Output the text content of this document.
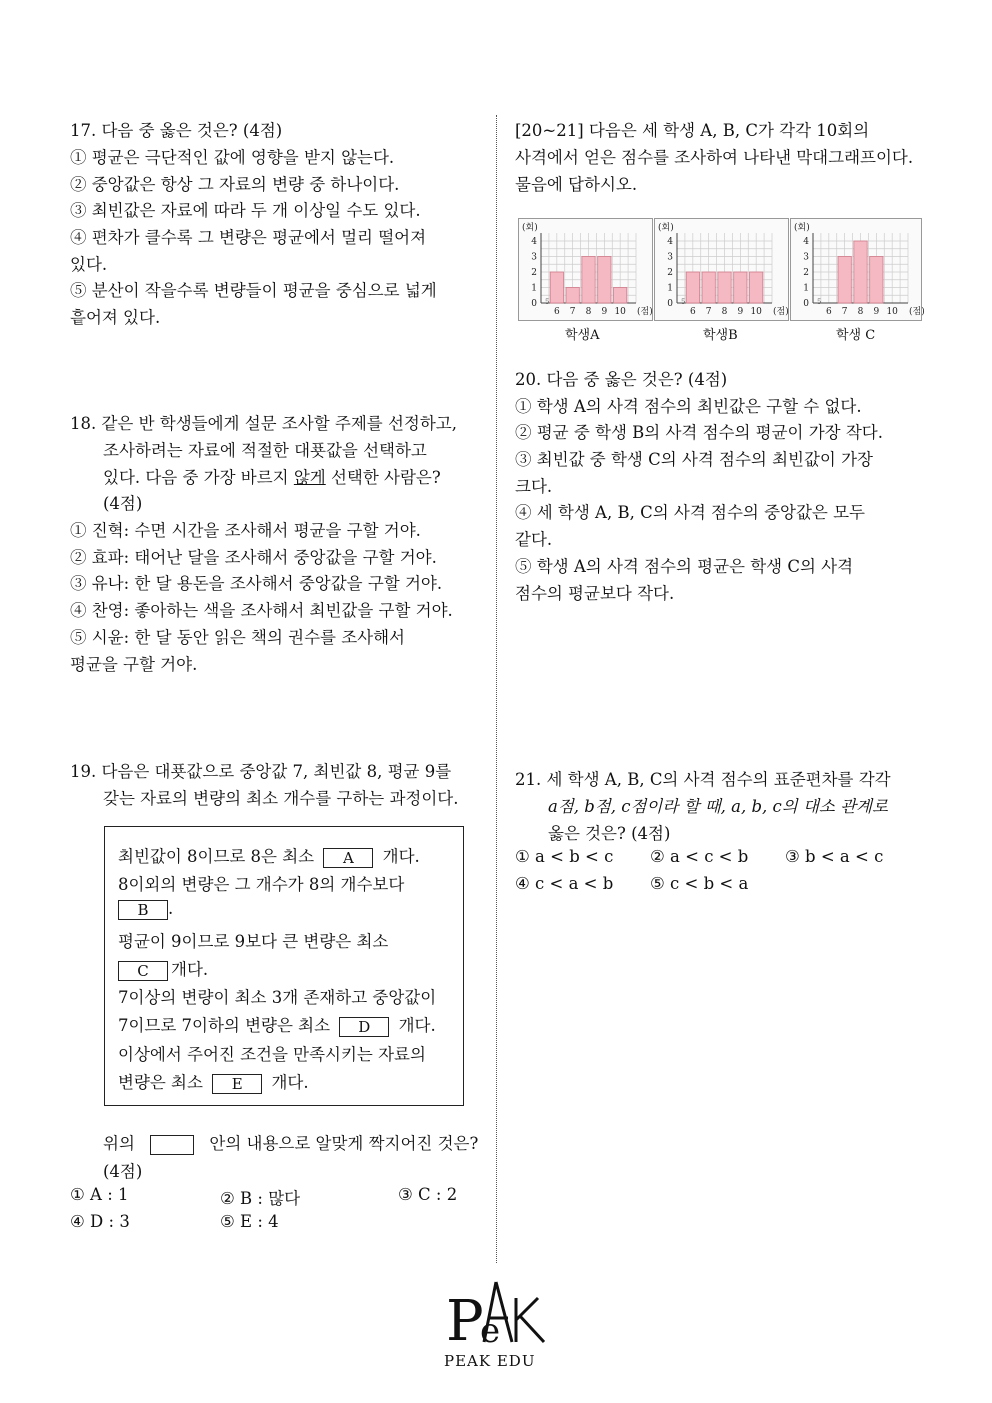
17. 다음 중 옳은 것은? (4점)
① 평균은 극단적인 값에 영향을 받지 않는다.
② 중앙값은 항상 그 자료의 변량 중 하나이다.
③ 최빈값은 자료에 따라 두 개 이상일 수도 있다.
④ 편차가 클수록 그 변량은 평균에서 멀리 떨어져
있다.
⑤ 분산이 작을수록 변량들이 평균을 중심으로 넓게
흩어져 있다.
18. 같은 반 학생들에게 설문 조사할 주제를 선정하고,
조사하려는 자료에 적절한 대푯값을 선택하고
있다. 다음 중 가장 바르지 않게 선택한 사람은?
(4점)
① 진혁: 수면 시간을 조사해서 평균을 구할 거야.
② 효파: 태어난 달을 조사해서 중앙값을 구할 거야.
③ 유나: 한 달 용돈을 조사해서 중앙값을 구할 거야.
④ 찬영: 좋아하는 색을 조사해서 최빈값을 구할 거야.
⑤ 시윤: 한 달 동안 읽은 책의 권수를 조사해서
평균을 구할 거야.
19. 다음은 대푯값으로 중앙값 7, 최빈값 8, 평균 9를
갖는 자료의 변량의 최소 개수를 구하는 과정이다.
최빈값이 8이므로 8은 최소 A 개다.
8이외의 변량은 그 개수가 8의 개수보다
B .
평균이 9이므로 9보다 큰 변량은 최소
C 개다.
7이상의 변량이 최소 3개 존재하고 중앙값이
7이므로 7이하의 변량은 최소 D 개다.
이상에서 주어진 조건을 만족시키는 자료의
변량은 최소 E 개다.
위의	안의 내용으로 알맞게 짝지어진 것은?
(4점)
① A : 1	② B : 많다	③ C : 2
④ D : 3	⑤ E : 4
[20~21] 다음은 세 학생 A, B, C가 각각 10회의
사격에서 얻은 점수를 조사하여 나타낸 막대그래프이다.
물음에 답하시오.
0
1
2
3
4
(회)
5
6 7 8 9 10 (점)
0
1
2
3
4
(회)
5
6 7 8 9 10 (점)
0
1
2
3
4
(회)
5
6 7 8 9 10 (점)
학생A	학생B	학생 C
20. 다음 중 옳은 것은? (4점)
① 학생 A의 사격 점수의 최빈값은 구할 수 없다.
② 평균 중 학생 B의 사격 점수의 평균이 가장 작다.
③ 최빈값 중 학생 C의 사격 점수의 최빈값이 가장
크다.
④ 세 학생 A, B, C의 사격 점수의 중앙값은 모두
같다.
⑤ 학생 A의 사격 점수의 평균은 학생 C의 사격
점수의 평균보다 작다.
21. 세 학생 A, B, C의 사격 점수의 표준편차를 각각
a점, b점, c점이라 할 때, a, b, c의 대소 관계로
옳은 것은? (4점)
① a < b < c ② a < c < b ③ b < a < c
④ c < a < b ⑤ c < b < a
P
e
PEAK EDU
